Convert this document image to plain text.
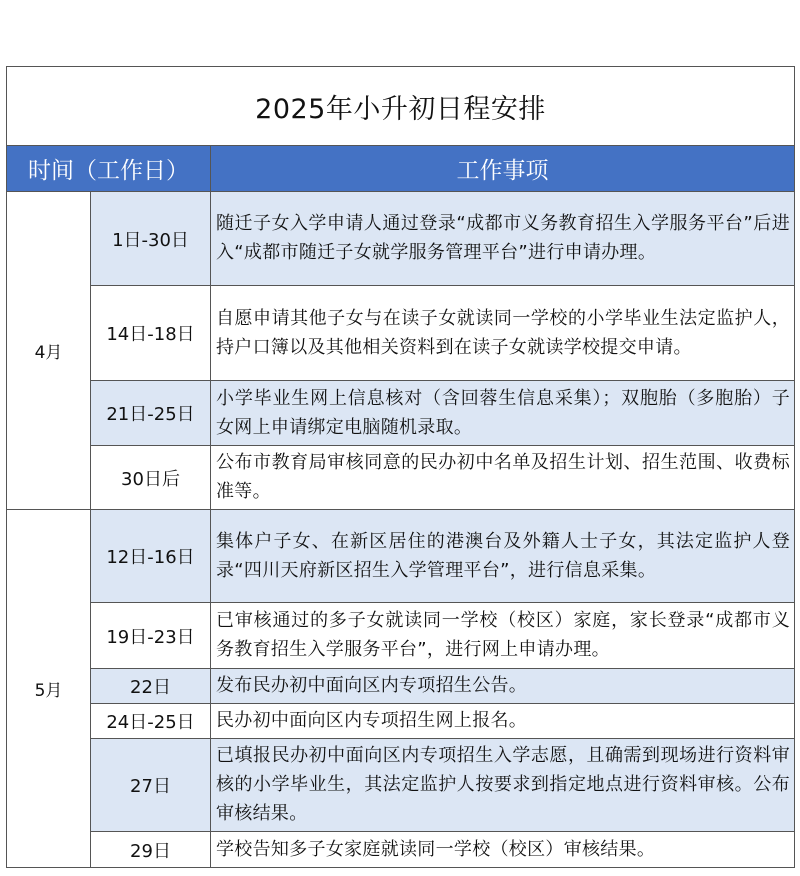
2025年小升初日程安排		
时间（工作日）		工作事项
4月	1日-30日	随迁子女入学申请人通过登录“成都市义务教育招生入学服务平台”后进入“成都市随迁子女就学服务管理平台”进行申请办理。
	14日-18日	自愿申请其他子女与在读子女就读同一学校的小学毕业生法定监护人，持户口簿以及其他相关资料到在读子女就读学校提交申请。
	21日-25日	小学毕业生网上信息核对（含回蓉生信息采集）；双胞胎（多胞胎）子女网上申请绑定电脑随机录取。
	30日后	公布市教育局审核同意的民办初中名单及招生计划、招生范围、收费标准等。
5月	12日-16日	集体户子女、在新区居住的港澳台及外籍人士子女，其法定监护人登录“四川天府新区招生入学管理平台”，进行信息采集。
	19日-23日	已审核通过的多子女就读同一学校（校区）家庭，家长登录“成都市义务教育招生入学服务平台”，进行网上申请办理。
	22日	发布民办初中面向区内专项招生公告。
	24日-25日	民办初中面向区内专项招生网上报名。
	27日	已填报民办初中面向区内专项招生入学志愿，且确需到现场进行资料审核的小学毕业生，其法定监护人按要求到指定地点进行资料审核。公布审核结果。
	29日	学校告知多子女家庭就读同一学校（校区）审核结果。
